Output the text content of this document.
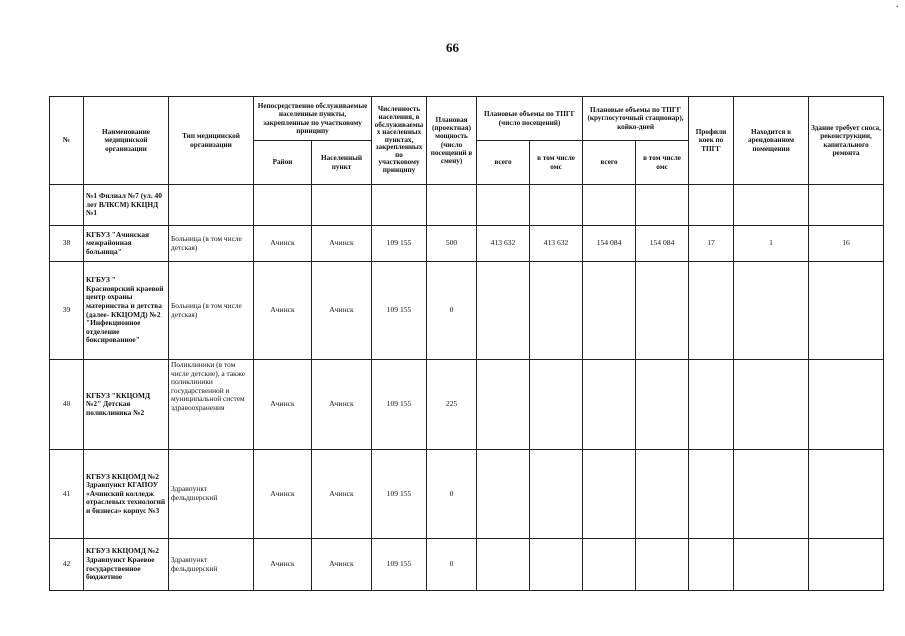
66
·
№	Наименование медицинской организации	Тип медицинской организации	Непосредственно обслуживаемые населенные пункты, закрепленные по участковому принципу		Численность населения, в обслуживаемых населенных пунктах, закрепленных по участковому принципу	Плановая (проектная) мощность (число посещений в смену)	Плановые объемы по ТПГГ (число посещений)		Плановые объемы по ТПГГ (круглосуточный стационар), койко-дней		Профили коек по ТПГГ	Находится в арендованном помещении	Здание требует сноса, реконструкции, капитального ремонта
			Район	Населенный пункт			всего	в том числе омс	всего	в том числе омс			
	№1 Филиал №7 (ул. 40 лет ВЛКСМ) ККЦНД №1												
38	КГБУЗ "Ачинская межрайонная больница"	Больница (в том числе детская)	Ачинск	Ачинск	109 155	500	413 632	413 632	154 084	154 084	17	1	16
39	КГБУЗ " Красноярский краевой центр охраны материнства и детства (далее- ККЦОМД) №2 "Инфекционное отделение боксированное"	Больница (в том числе детская)	Ачинск	Ачинск	109 155	0							
40	КГБУЗ "ККЦОМД №2" Детская поликлиника №2	Поликлиники (в том числе детские), а также поликлиники государственной и муниципальной систем здравоохранения	Ачинск	Ачинск	109 155	225							
41	КГБУЗ ККЦОМД №2 Здравпункт КГАПОУ «Ачинский колледж отраслевых технологий и бизнеса» корпус №3	Здравпункт фельдшерский	Ачинск	Ачинск	109 155	0							
42	КГБУЗ ККЦОМД №2 Здравпункт Краевое государственное бюджетное	Здравпункт фельдшерский	Ачинск	Ачинск	109 155	0							
